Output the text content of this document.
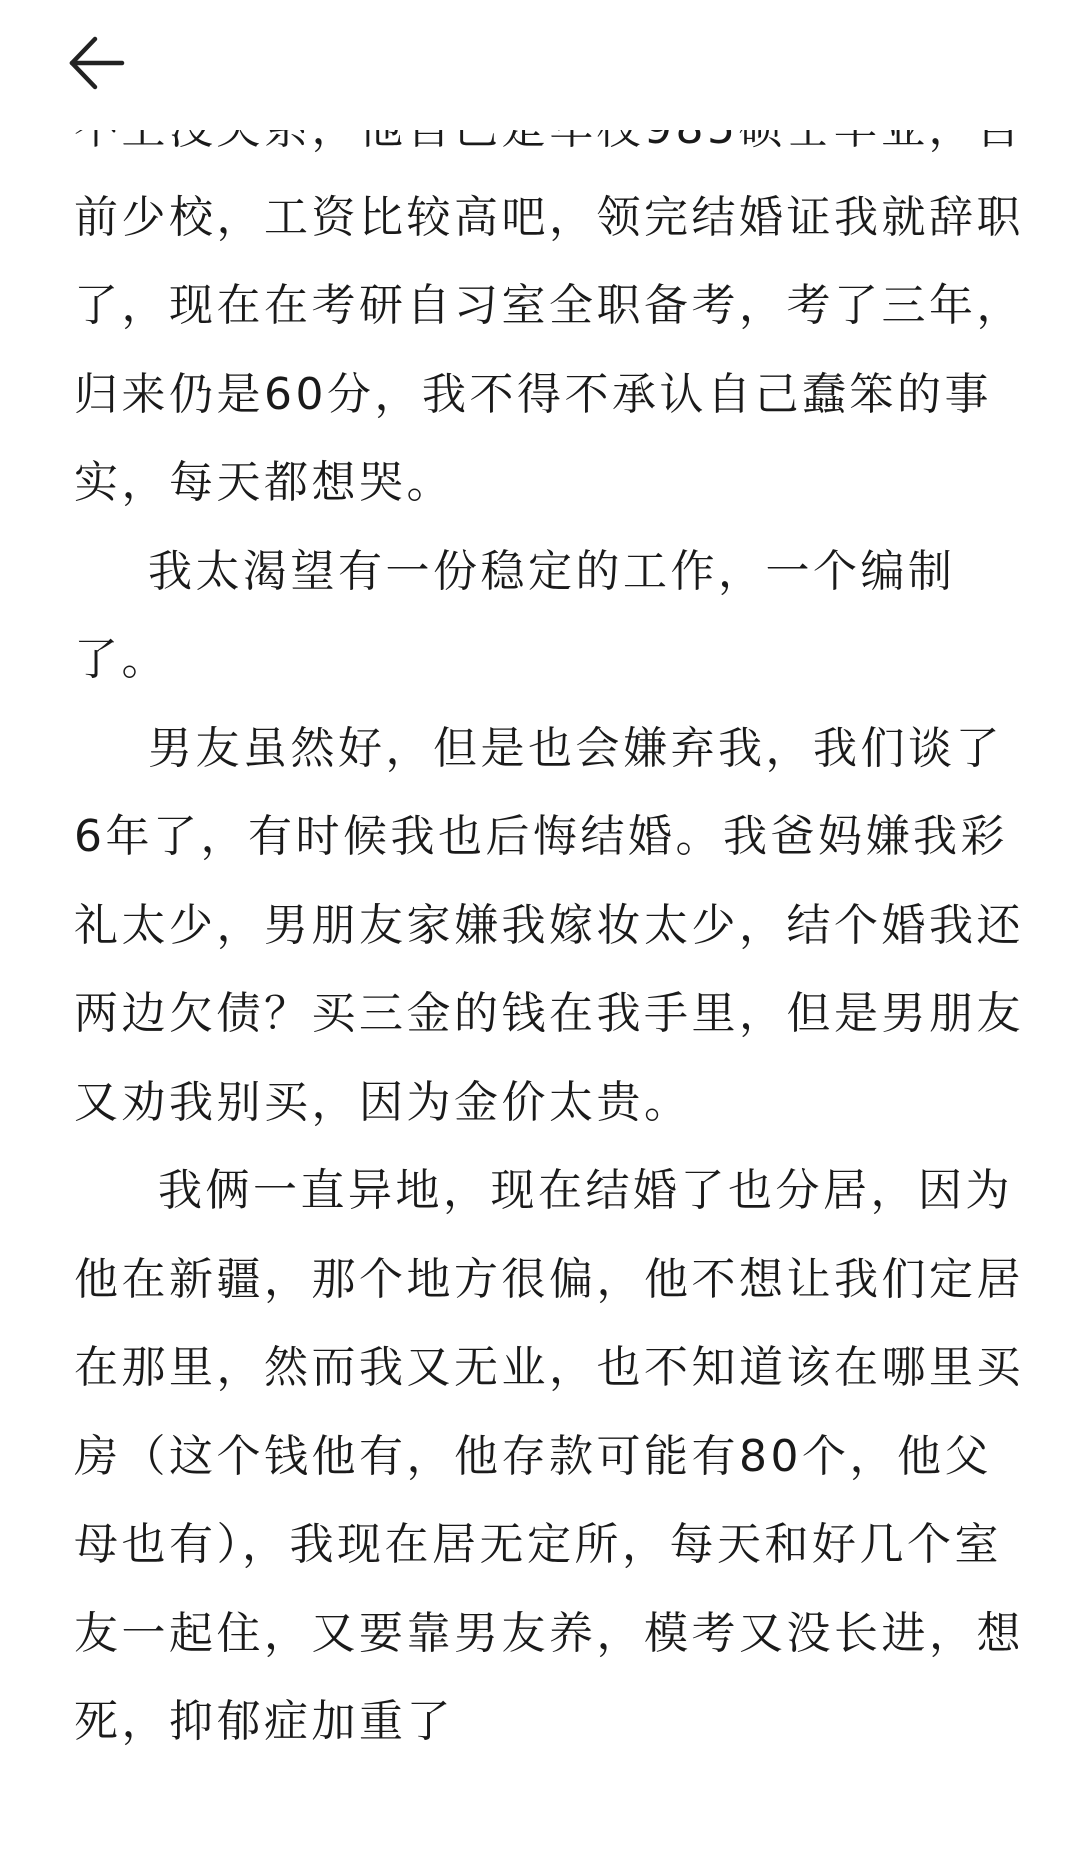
前少校，工资比较高吧，领完结婚证我就辞职了，现在在考研自习室全职备考，考了三年，归来仍是60分，我不得不承认自己蠢笨的事实，每天都想哭。

我太渴望有一份稳定的工作，一个编制了。

男友虽然好，但是也会嫌弃我，我们谈了6年了，有时候我也后悔结婚。我爸妈嫌我彩礼太少，男朋友家嫌我嫁妆太少，结个婚我还两边欠债？买三金的钱在我手里，但是男朋友又劝我别买，因为金价太贵。

我俩一直异地，现在结婚了也分居，因为他在新疆，那个地方很偏，他不想让我们定居在那里，然而我又无业，也不知道该在哪里买房（这个钱他有，他存款可能有80个，他父母也有），我现在居无定所，每天和好几个室友一起住，又要靠男友养，模考又没长进，想死，抑郁症加重了
